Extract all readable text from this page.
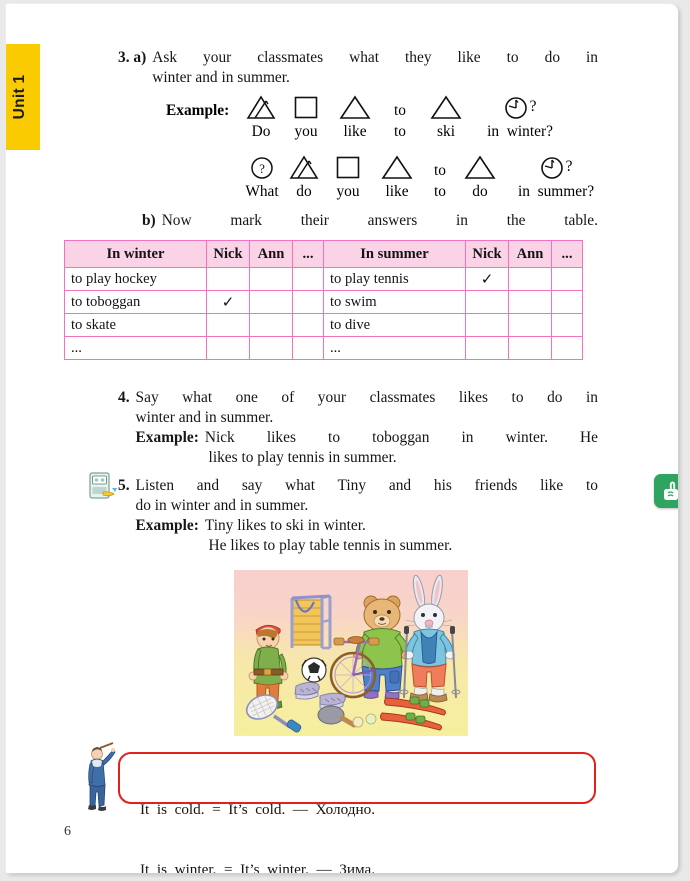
Unit 1
3. a) Ask your classmates what they like to do in
winter and in summer.
Example:

Do you like
to
to ski
?
in  winter?
?
What do you like
to
to do
?
in  summer?
b) Now mark their answers in the table.
In winter	Nick	Ann	...	In summer	Nick	Ann	...
to play hockey				to play tennis	✓		
to toboggan	✓			to swim			
to skate				to dive			
...				...			
4. Say what one of your classmates likes to do in
winter and in summer.
Example: Nick likes to toboggan in winter. He
likes to play tennis in summer.
5. Listen and say what Tiny and his friends like to
do in winter and in summer.
Example: Tiny likes to ski in winter.
He likes to play table tennis in summer.

It  is  cold.  =  It’s  cold.  —  Холодно.

It  is  winter.  =  It’s  winter.  —  Зима.

6
